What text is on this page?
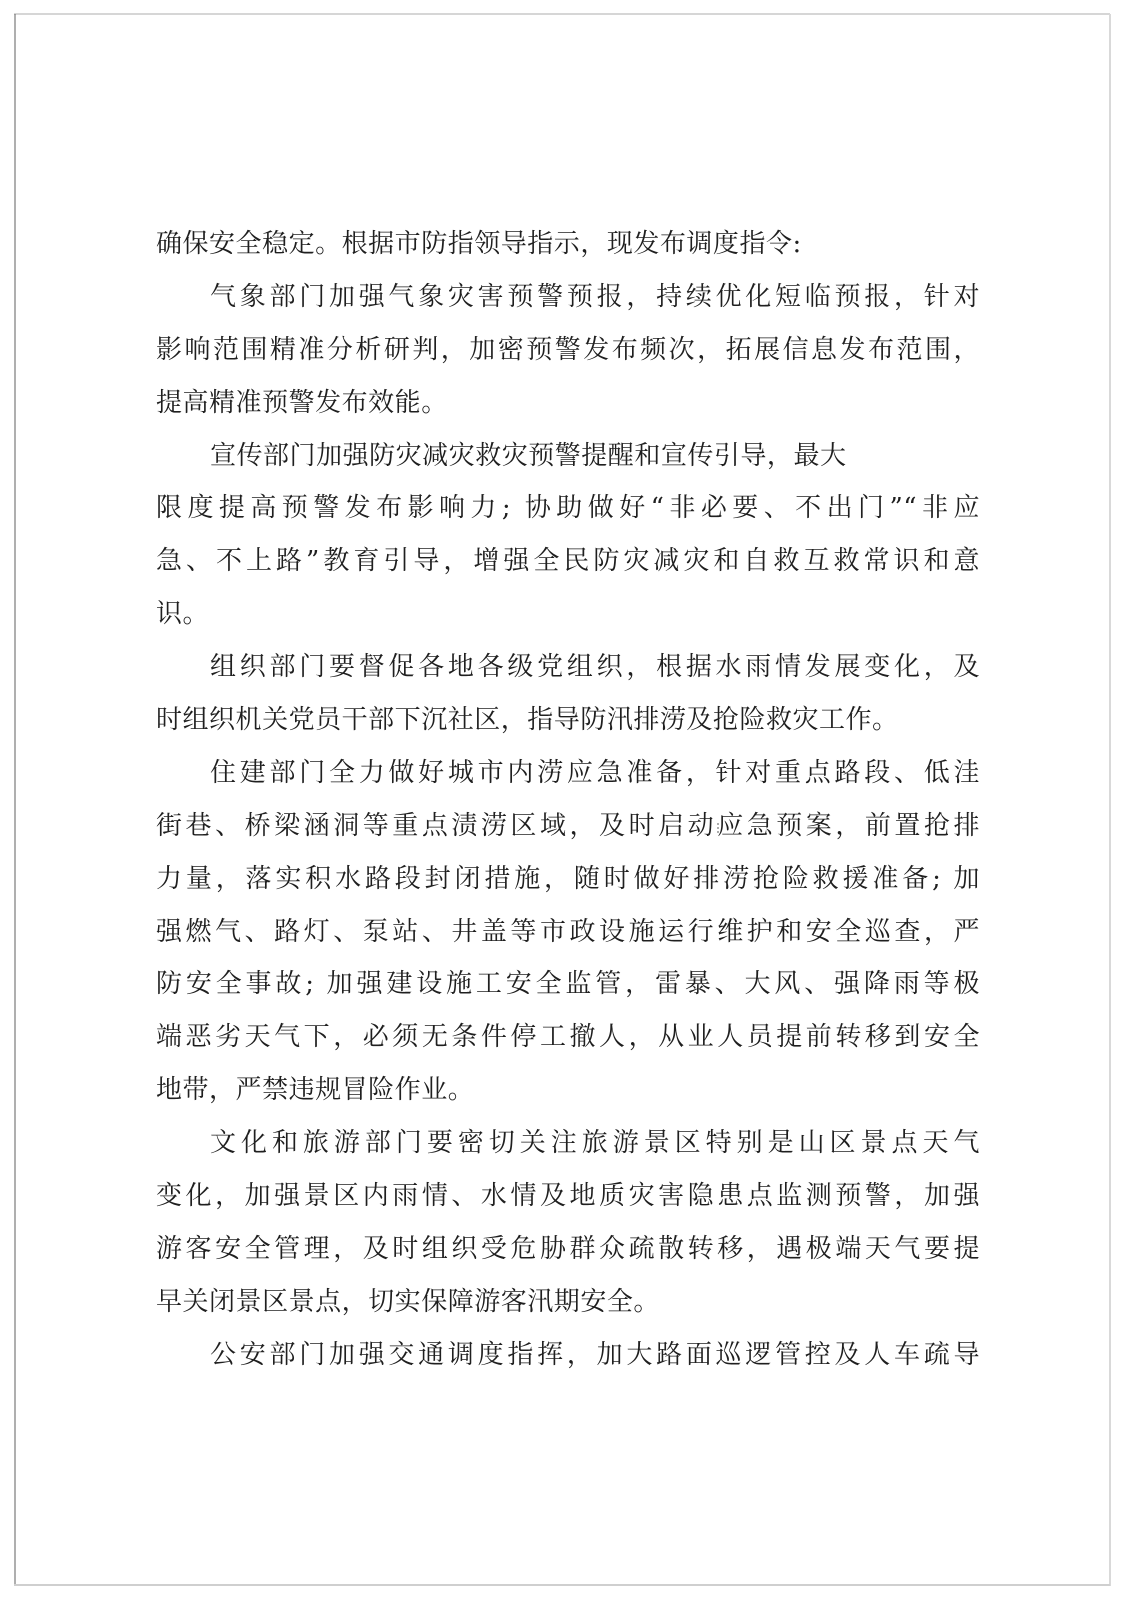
确保安全稳定。根据市防指领导指示，现发布调度指令:
气象部门加强气象灾害预警预报，持续优化短临预报，针对
影响范围精准分析研判，加密预警发布频次，拓展信息发布范围，
提高精准预警发布效能。
宣传部门加强防灾减灾救灾预警提醒和宣传引导，最大
限度提高预警发布影响力; 协助做好“非必要、不出门”“非应
急、不上路”教育引导，增强全民防灾减灾和自救互救常识和意
识。
组织部门要督促各地各级党组织，根据水雨情发展变化，及
时组织机关党员干部下沉社区，指导防汛排涝及抢险救灾工作。
住建部门全力做好城市内涝应急准备，针对重点路段、低洼
街巷、桥梁涵洞等重点渍涝区域，及时启动应急预案，前置抢排
力量，落实积水路段封闭措施，随时做好排涝抢险救援准备; 加
强燃气、路灯、泵站、井盖等市政设施运行维护和安全巡查，严
防安全事故; 加强建设施工安全监管，雷暴、大风、强降雨等极
端恶劣天气下，必须无条件停工撤人，从业人员提前转移到安全
地带，严禁违规冒险作业。
文化和旅游部门要密切关注旅游景区特别是山区景点天气
变化，加强景区内雨情、水情及地质灾害隐患点监测预警，加强
游客安全管理，及时组织受危胁群众疏散转移，遇极端天气要提
早关闭景区景点，切实保障游客汛期安全。
公安部门加强交通调度指挥，加大路面巡逻管控及人车疏导
